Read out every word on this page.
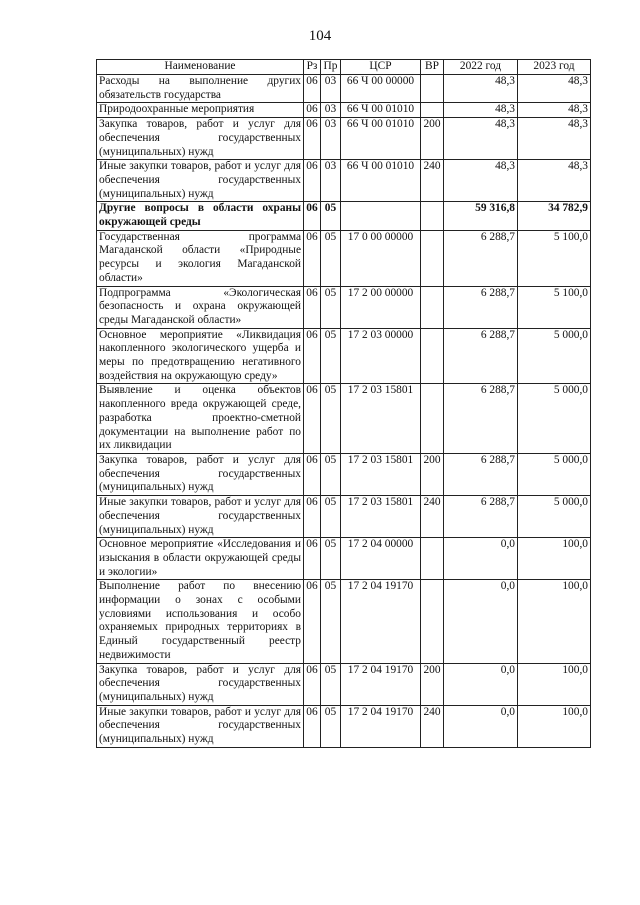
104
Наименование	Рз	Пр	ЦСР	ВР	2022 год	2023 год
Расходы на выполнение других обязательств государства	06	03	66 Ч 00 00000		48,3	48,3
Природоохранные мероприятия	06	03	66 Ч 00 01010		48,3	48,3
Закупка товаров, работ и услуг для обеспечения государственных (муниципальных) нужд	06	03	66 Ч 00 01010	200	48,3	48,3
Иные закупки товаров, работ и услуг для обеспечения государственных (муниципальных) нужд	06	03	66 Ч 00 01010	240	48,3	48,3
Другие вопросы в области охраны окружающей среды	06	05			59 316,8	34 782,9
Государственная программа Магаданской области «Природные ресурсы и экология Магаданской области»	06	05	17 0 00 00000		6 288,7	5 100,0
Подпрограмма «Экологическая безопасность и охрана окружающей среды Магаданской области»	06	05	17 2 00 00000		6 288,7	5 100,0
Основное мероприятие «Ликвидация накопленного экологического ущерба и меры по предотвращению негативного воздействия на окружающую среду»	06	05	17 2 03 00000		6 288,7	5 000,0
Выявление и оценка объектов накопленного вреда окружающей среде, разработка проектно-сметной документации на выполнение работ по их ликвидации	06	05	17 2 03 15801		6 288,7	5 000,0
Закупка товаров, работ и услуг для обеспечения государственных (муниципальных) нужд	06	05	17 2 03 15801	200	6 288,7	5 000,0
Иные закупки товаров, работ и услуг для обеспечения государственных (муниципальных) нужд	06	05	17 2 03 15801	240	6 288,7	5 000,0
Основное мероприятие «Исследования и изыскания в области окружающей среды и экологии»	06	05	17 2 04 00000		0,0	100,0
Выполнение работ по внесению информации о зонах с особыми условиями использования и особо охраняемых природных территориях в Единый государственный реестр недвижимости	06	05	17 2 04 19170		0,0	100,0
Закупка товаров, работ и услуг для обеспечения государственных (муниципальных) нужд	06	05	17 2 04 19170	200	0,0	100,0
Иные закупки товаров, работ и услуг для обеспечения государственных (муниципальных) нужд	06	05	17 2 04 19170	240	0,0	100,0
